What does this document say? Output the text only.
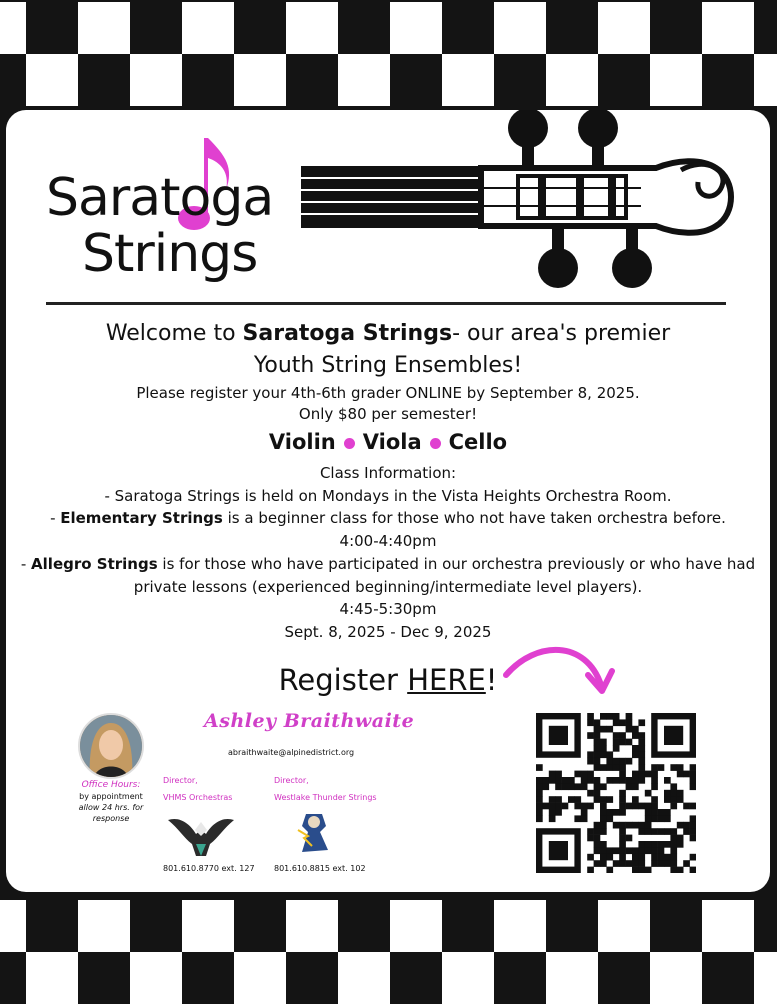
Saratoga
Strings
Welcome to Saratoga Strings- our area's premier
Youth String Ensembles!
Please register your 4th-6th grader ONLINE by September 8, 2025.
Only $80 per semester!
Violin Viola Cello
Class Information:
- Saratoga Strings is held on Mondays in the Vista Heights Orchestra Room.
- Elementary Strings is a beginner class for those who not have taken orchestra before.
4:00-4:40pm
- Allegro Strings is for those who have participated in our orchestra previously or who have had
private lessons (experienced beginning/intermediate level players).
4:45-5:30pm
Sept. 8, 2025 - Dec 9, 2025
Register HERE!
Office Hours:
by appointment
allow 24 hrs. for
response
Ashley Braithwaite
abraithwaite@alpinedistrict.org
Director,
VHMS Orchestras
Director,
Westlake Thunder Strings
801.610.8770 ext. 127 801.610.8815 ext. 102
